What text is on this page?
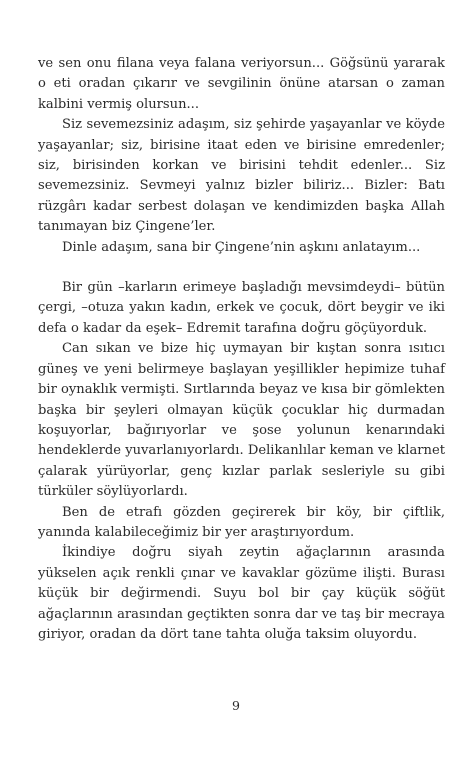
ve sen onu filana veya falana veriyorsun... Göğsünü yararak o eti oradan çıkarır ve sevgilinin önüne atarsan o zaman kalbini vermiş olursun...

Siz sevemezsiniz adaşım, siz şehirde yaşayanlar ve köyde yaşayanlar; siz, birisine itaat eden ve birisine emredenler; siz, birisinden korkan ve birisini tehdit edenler... Siz sevemezsiniz. Sevmeyi yalnız bizler biliriz... Bizler: Batı rüzgârı kadar serbest dolaşan ve kendimizden başka Allah tanımayan biz Çingene’ler.

Dinle adaşım, sana bir Çingene’nin aşkını anlatayım...

Bir gün –karların erimeye başladığı mevsimdeydi– bütün çergi, –otuza yakın kadın, erkek ve çocuk, dört beygir ve iki defa o kadar da eşek– Edremit tarafına doğru göçüyorduk.

Can sıkan ve bize hiç uymayan bir kıştan sonra ısıtıcı güneş ve yeni belirmeye başlayan yeşillikler hepimize tuhaf bir oynaklık vermişti. Sırtlarında beyaz ve kısa bir gömlekten başka bir şeyleri olmayan küçük çocuklar hiç durmadan koşuyorlar, bağırıyorlar ve şose yolunun kenarındaki hendeklerde yuvarlanıyorlardı. Delikanlılar keman ve klarnet çalarak yürüyorlar, genç kızlar parlak sesleriyle su gibi türküler söylüyorlardı.

Ben de etrafı gözden geçirerek bir köy, bir çiftlik, yanında kalabileceğimiz bir yer araştırıyordum.

İkindiye doğru siyah zeytin ağaçlarının arasında yükselen açık renkli çınar ve kavaklar gözüme ilişti. Burası küçük bir değirmendi. Suyu bol bir çay küçük söğüt ağaçlarının arasından geçtikten sonra dar ve taş bir mecraya giriyor, oradan da dört tane tahta oluğa taksim oluyordu.

9
